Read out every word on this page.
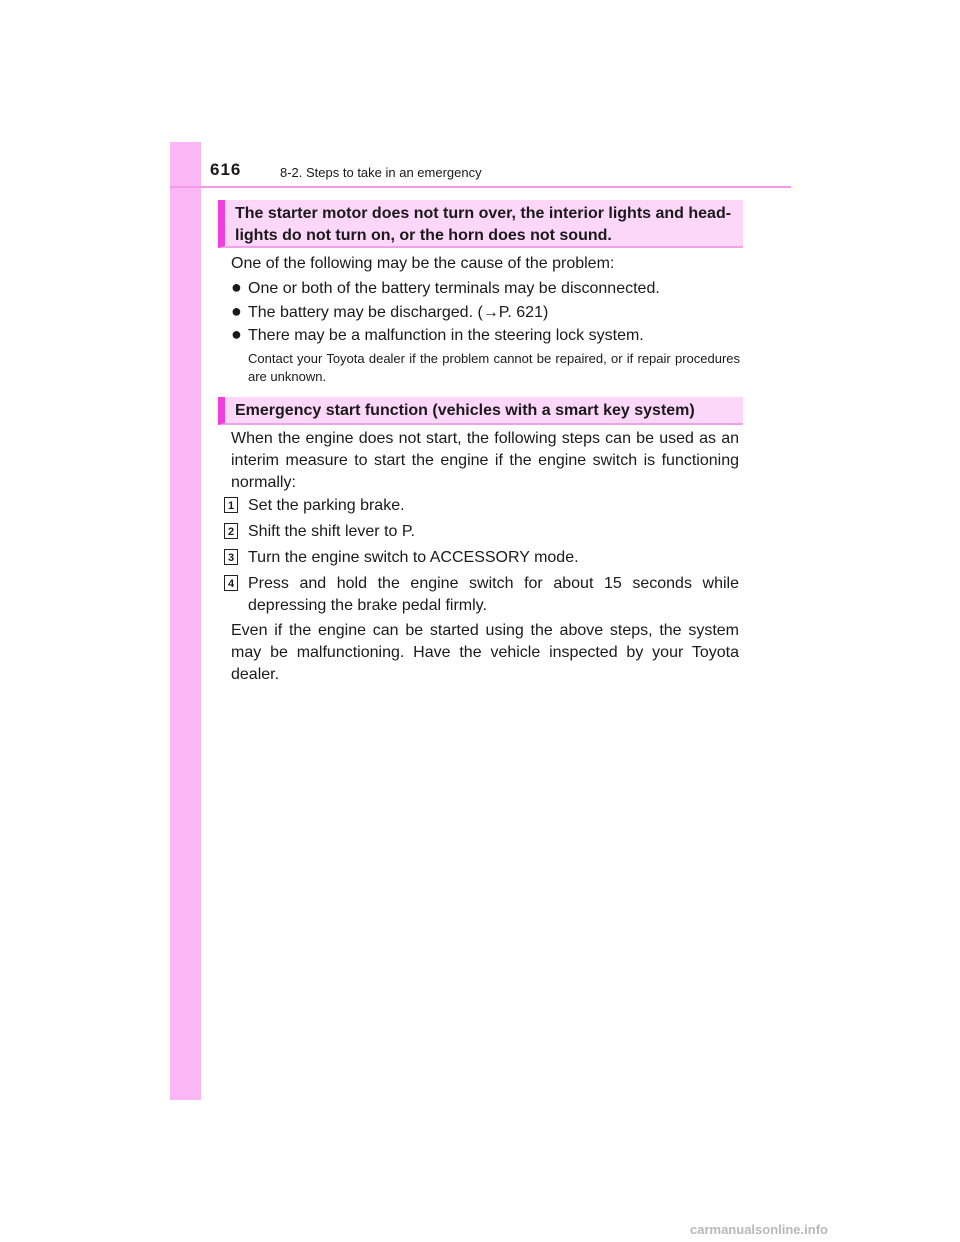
616	8-2. Steps to take in an emergency
The starter motor does not turn over, the interior lights and head-lights do not turn on, or the horn does not sound.
One of the following may be the cause of the problem:
● One or both of the battery terminals may be disconnected.
● The battery may be discharged. (→P. 621)
● There may be a malfunction in the steering lock system.
Contact your Toyota dealer if the problem cannot be repaired, or if repair procedures are unknown.
Emergency start function (vehicles with a smart key system)
When the engine does not start, the following steps can be used as an interim measure to start the engine if the engine switch is functioning normally:
1 Set the parking brake.
2 Shift the shift lever to P.
3 Turn the engine switch to ACCESSORY mode.
4 Press and hold the engine switch for about 15 seconds while depressing the brake pedal firmly.
Even if the engine can be started using the above steps, the system may be malfunctioning. Have the vehicle inspected by your Toyota dealer.
carmanualsonline.info
